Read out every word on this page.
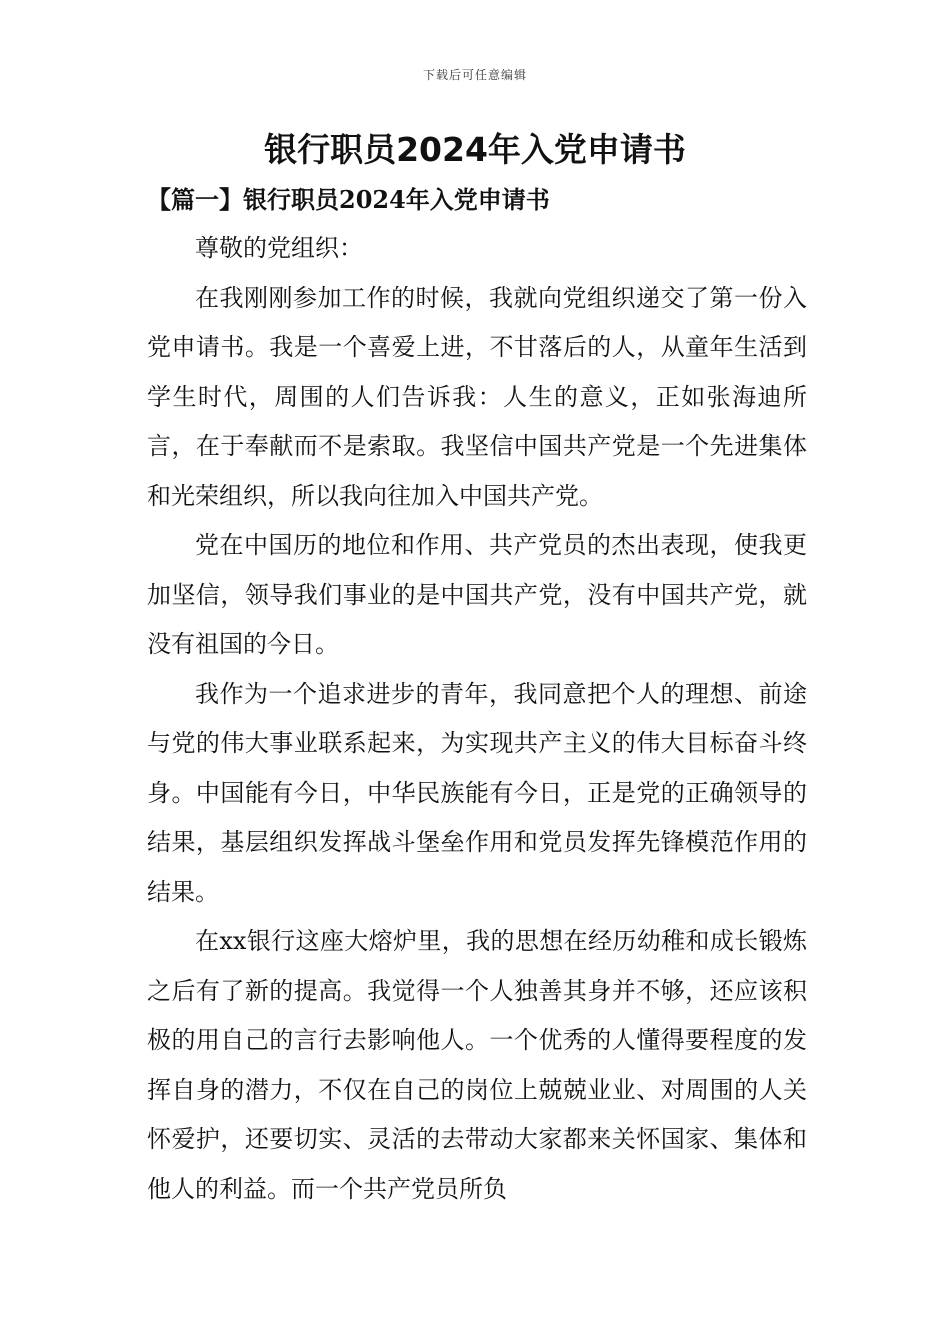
下载后可任意编辑
银行职员2024年入党申请书
【篇一】银行职员2024年入党申请书

尊敬的党组织：

在我刚刚参加工作的时候，我就向党组织递交了第一份入党申请书。我是一个喜爱上进，不甘落后的人，从童年生活到学生时代，周围的人们告诉我：人生的意义，正如张海迪所言，在于奉献而不是索取。我坚信中国共产党是一个先进集体和光荣组织，所以我向往加入中国共产党。

党在中国历的地位和作用、共产党员的杰出表现，使我更加坚信，领导我们事业的是中国共产党，没有中国共产党，就没有祖国的今日。

我作为一个追求进步的青年，我同意把个人的理想、前途与党的伟大事业联系起来，为实现共产主义的伟大目标奋斗终身。中国能有今日，中华民族能有今日，正是党的正确领导的结果，基层组织发挥战斗堡垒作用和党员发挥先锋模范作用的结果。

在xx银行这座大熔炉里，我的思想在经历幼稚和成长锻炼之后有了新的提高。我觉得一个人独善其身并不够，还应该积极的用自己的言行去影响他人。一个优秀的人懂得要程度的发挥自身的潜力，不仅在自己的岗位上兢兢业业、对周围的人关怀爱护，还要切实、灵活的去带动大家都来关怀国家、集体和他人的利益。而一个共产党员所负
